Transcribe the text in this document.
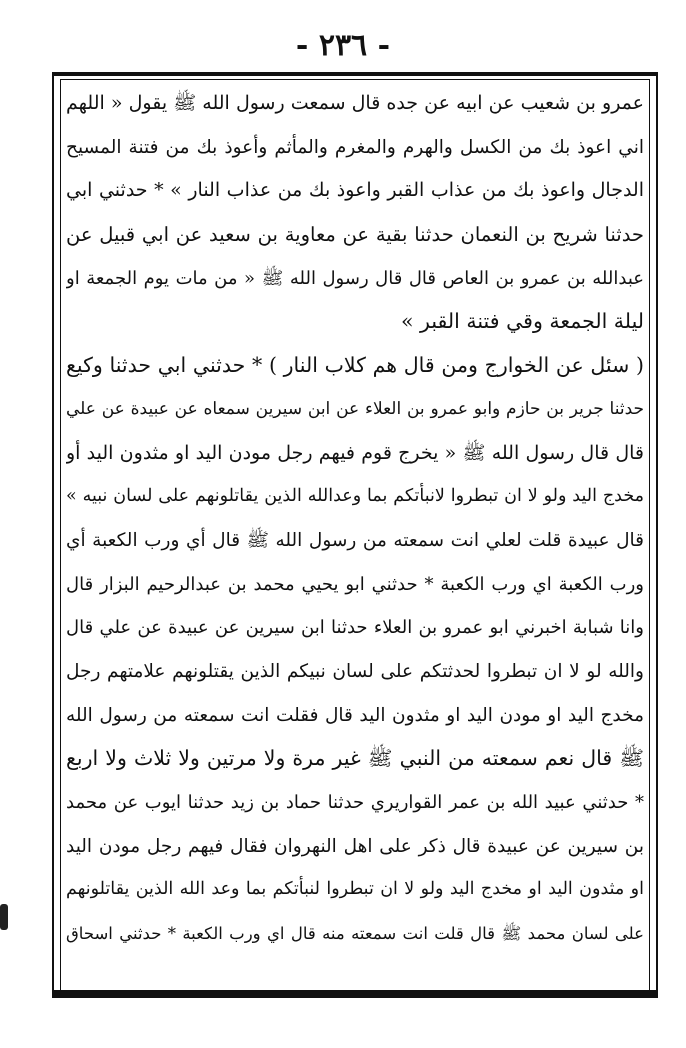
- ٢٣٦ -
عمرو بن شعيب عن ابيه عن جده قال سمعت رسول الله ﷺ يقول « اللهم
اني اعوذ بك من الكسل والهرم والمغرم والمأثم وأعوذ بك من فتنة المسيح
الدجال واعوذ بك من عذاب القبر واعوذ بك من عذاب النار » * حدثني ابي
حدثنا شريح بن النعمان حدثنا بقية عن معاوية بن سعيد عن ابي قبيل عن
عبدالله بن عمرو بن العاص قال قال رسول الله ﷺ « من مات يوم الجمعة او
ليلة الجمعة وقي فتنة القبر »
( سئل عن الخوارج ومن قال هم كلاب النار ) * حدثني ابي حدثنا وكيع
حدثنا جرير بن حازم وابو عمرو بن العلاء عن ابن سيرين سمعاه عن عبيدة عن علي
قال قال رسول الله ﷺ « يخرج قوم فيهم رجل مودن اليد او مثدون اليد أو
مخدج اليد ولو لا ان تبطروا لانبأتكم بما وعدالله الذين يقاتلونهم على لسان نبيه »
قال عبيدة قلت لعلي انت سمعته من رسول الله ﷺ قال أي ورب الكعبة أي
ورب الكعبة اي ورب الكعبة * حدثني ابو يحيي محمد بن عبدالرحيم البزار قال
وانا شبابة اخبرني ابو عمرو بن العلاء حدثنا ابن سيرين عن عبيدة عن علي قال
والله لو لا ان تبطروا لحدثتكم على لسان نبيكم الذين يقتلونهم علامتهم رجل
مخدج اليد او مودن اليد او مثدون اليد قال فقلت انت سمعته من رسول الله
ﷺ قال نعم سمعته من النبي ﷺ غير مرة ولا مرتين ولا ثلاث ولا اربع
* حدثني عبيد الله بن عمر القواريري حدثنا حماد بن زيد حدثنا ايوب عن محمد
بن سيرين عن عبيدة قال ذكر على اهل النهروان فقال فيهم رجل مودن اليد
او مثدون اليد او مخدج اليد ولو لا ان تبطروا لنبأتكم بما وعد الله الذين يقاتلونهم
على لسان محمد ﷺ قال قلت انت سمعته منه قال اي ورب الكعبة * حدثني اسحاق
